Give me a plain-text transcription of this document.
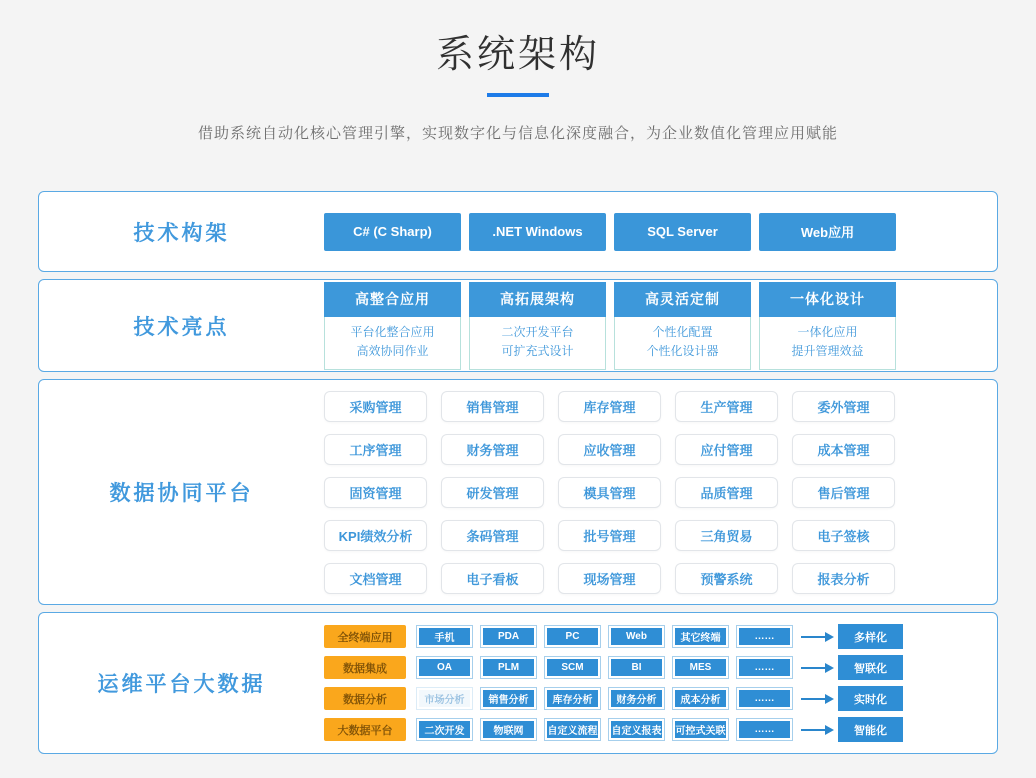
系统架构
借助系统自动化核心管理引擎，实现数字化与信息化深度融合，为企业数值化管理应用赋能
技术构架	C# (C Sharp)	.NET Windows	SQL Server	Web应用
技术亮点
高整合应用
平台化整合应用
高效协同作业
高拓展架构
二次开发平台
可扩充式设计
高灵活定制
个性化配置
个性化设计器
一体化设计
一体化应用
提升管理效益
数据协同平台
采购管理	销售管理	库存管理	生产管理	委外管理
工序管理	财务管理	应收管理	应付管理	成本管理
固资管理	研发管理	模具管理	品质管理	售后管理
KPI绩效分析	条码管理	批号管理	三角贸易	电子签核
文档管理	电子看板	现场管理	预警系统	报表分析
运维平台大数据
全终端应用	手机	PDA	PC	Web	其它终端	……	多样化
数据集成	OA	PLM	SCM	BI	MES	……	智联化
数据分析	市场分析	销售分析	库存分析	财务分析	成本分析	……	实时化
大数据平台	二次开发	物联网	自定义流程	自定义报表	可控式关联	……	智能化
